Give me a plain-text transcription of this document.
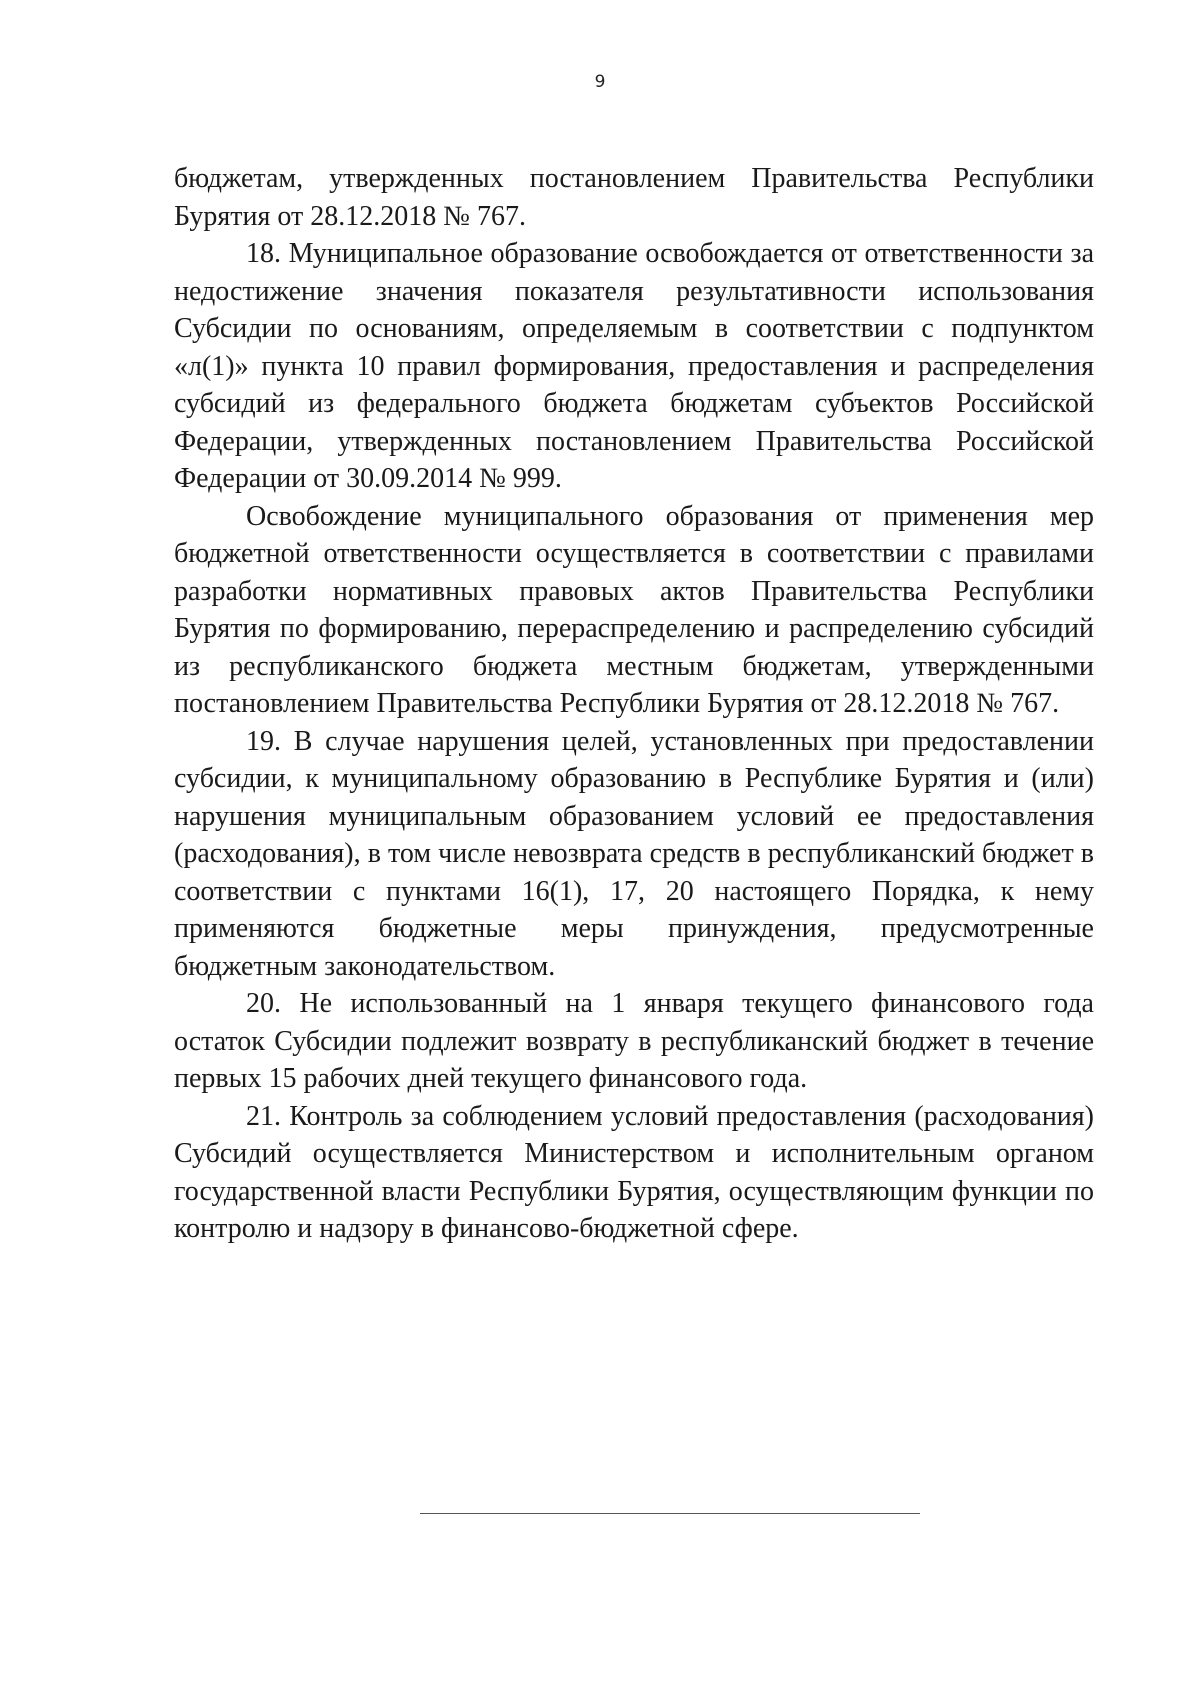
9

бюджетам, утвержденных постановлением Правительства Республики Бурятия от 28.12.2018 № 767.

18. Муниципальное образование освобождается от ответственности за недостижение значения показателя результативности использования Субсидии по основаниям, определяемым в соответствии с подпунктом «л(1)» пункта 10 правил формирования, предоставления и распределения субсидий из федерального бюджета бюджетам субъектов Российской Федерации, утвержденных постановлением Правительства Российской Федерации от 30.09.2014 № 999.

Освобождение муниципального образования от применения мер бюджетной ответственности осуществляется в соответствии с правилами разработки нормативных правовых актов Правительства Республики Бурятия по формированию, перераспределению и распределению субсидий из республиканского бюджета местным бюджетам, утвержденными постановлением Правительства Республики Бурятия от 28.12.2018 № 767.

19. В случае нарушения целей, установленных при предоставлении субсидии, к муниципальному образованию в Республике Бурятия и (или) нарушения муниципальным образованием условий ее предоставления (расходования), в том числе невозврата средств в республиканский бюджет в соответствии с пунктами 16(1), 17, 20 настоящего Порядка, к нему применяются бюджетные меры принуждения, предусмотренные бюджетным законодательством.

20. Не использованный на 1 января текущего финансового года остаток Субсидии подлежит возврату в республиканский бюджет в течение первых 15 рабочих дней текущего финансового года.

21. Контроль за соблюдением условий предоставления (расходования) Субсидий осуществляется Министерством и исполнительным органом государственной власти Республики Бурятия, осуществляющим функции по контролю и надзору в финансово-бюджетной сфере.
